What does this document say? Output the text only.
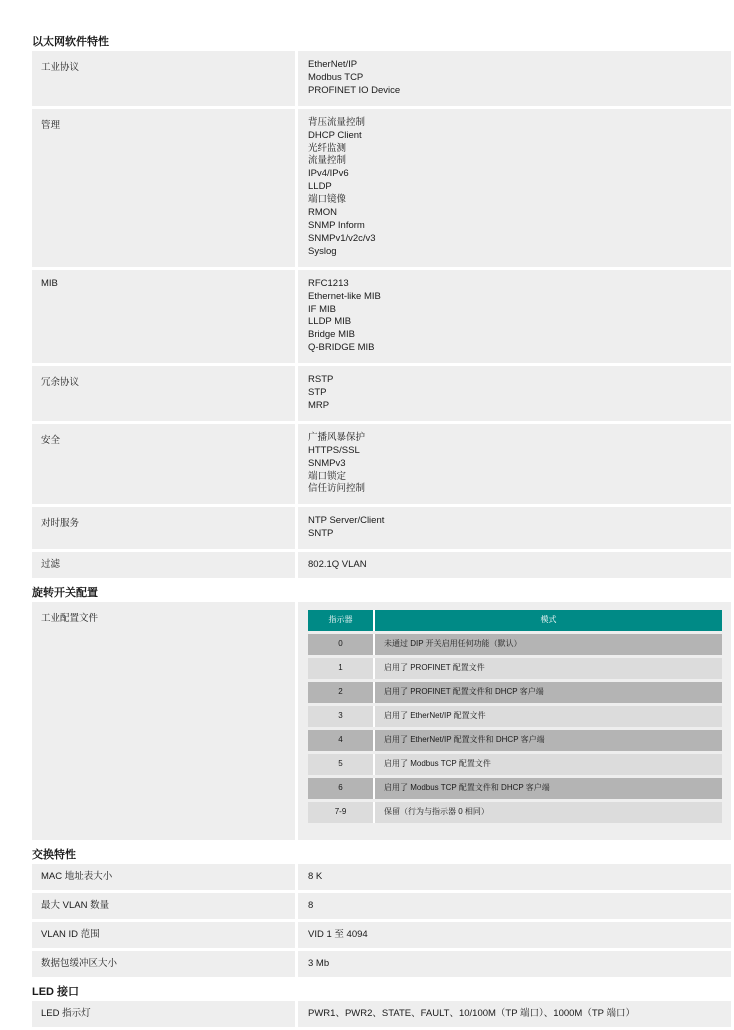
以太网软件特性
工业协议	EtherNet/IP
Modbus TCP
PROFINET IO Device
管理	背压流量控制
DHCP Client
光纤监测
流量控制
IPv4/IPv6
LLDP
端口镜像
RMON
SNMP Inform
SNMPv1/v2c/v3
Syslog
MIB	RFC1213
Ethernet-like MIB
IF MIB
LLDP MIB
Bridge MIB
Q-BRIDGE MIB
冗余协议	RSTP
STP
MRP
安全	广播风暴保护
HTTPS/SSL
SNMPv3
端口锁定
信任访问控制
对时服务	NTP Server/Client
SNTP
过滤	802.1Q VLAN
旋转开关配置
工业配置文件	指示器	模式
0	未通过 DIP 开关启用任何功能（默认）
1	启用了 PROFINET 配置文件
2	启用了 PROFINET 配置文件和 DHCP 客户端
3	启用了 EtherNet/IP 配置文件
4	启用了 EtherNet/IP 配置文件和 DHCP 客户端
5	启用了 Modbus TCP 配置文件
6	启用了 Modbus TCP 配置文件和 DHCP 客户端
7-9	保留（行为与指示器 0 相同）
交换特性
MAC 地址表大小	8 K
最大 VLAN 数量	8
VLAN ID 范围	VID 1 至 4094
数据包缓冲区大小	3 Mb
LED 接口
LED 指示灯	PWR1、PWR2、STATE、FAULT、10/100M（TP 端口）、1000M（TP 端口）
